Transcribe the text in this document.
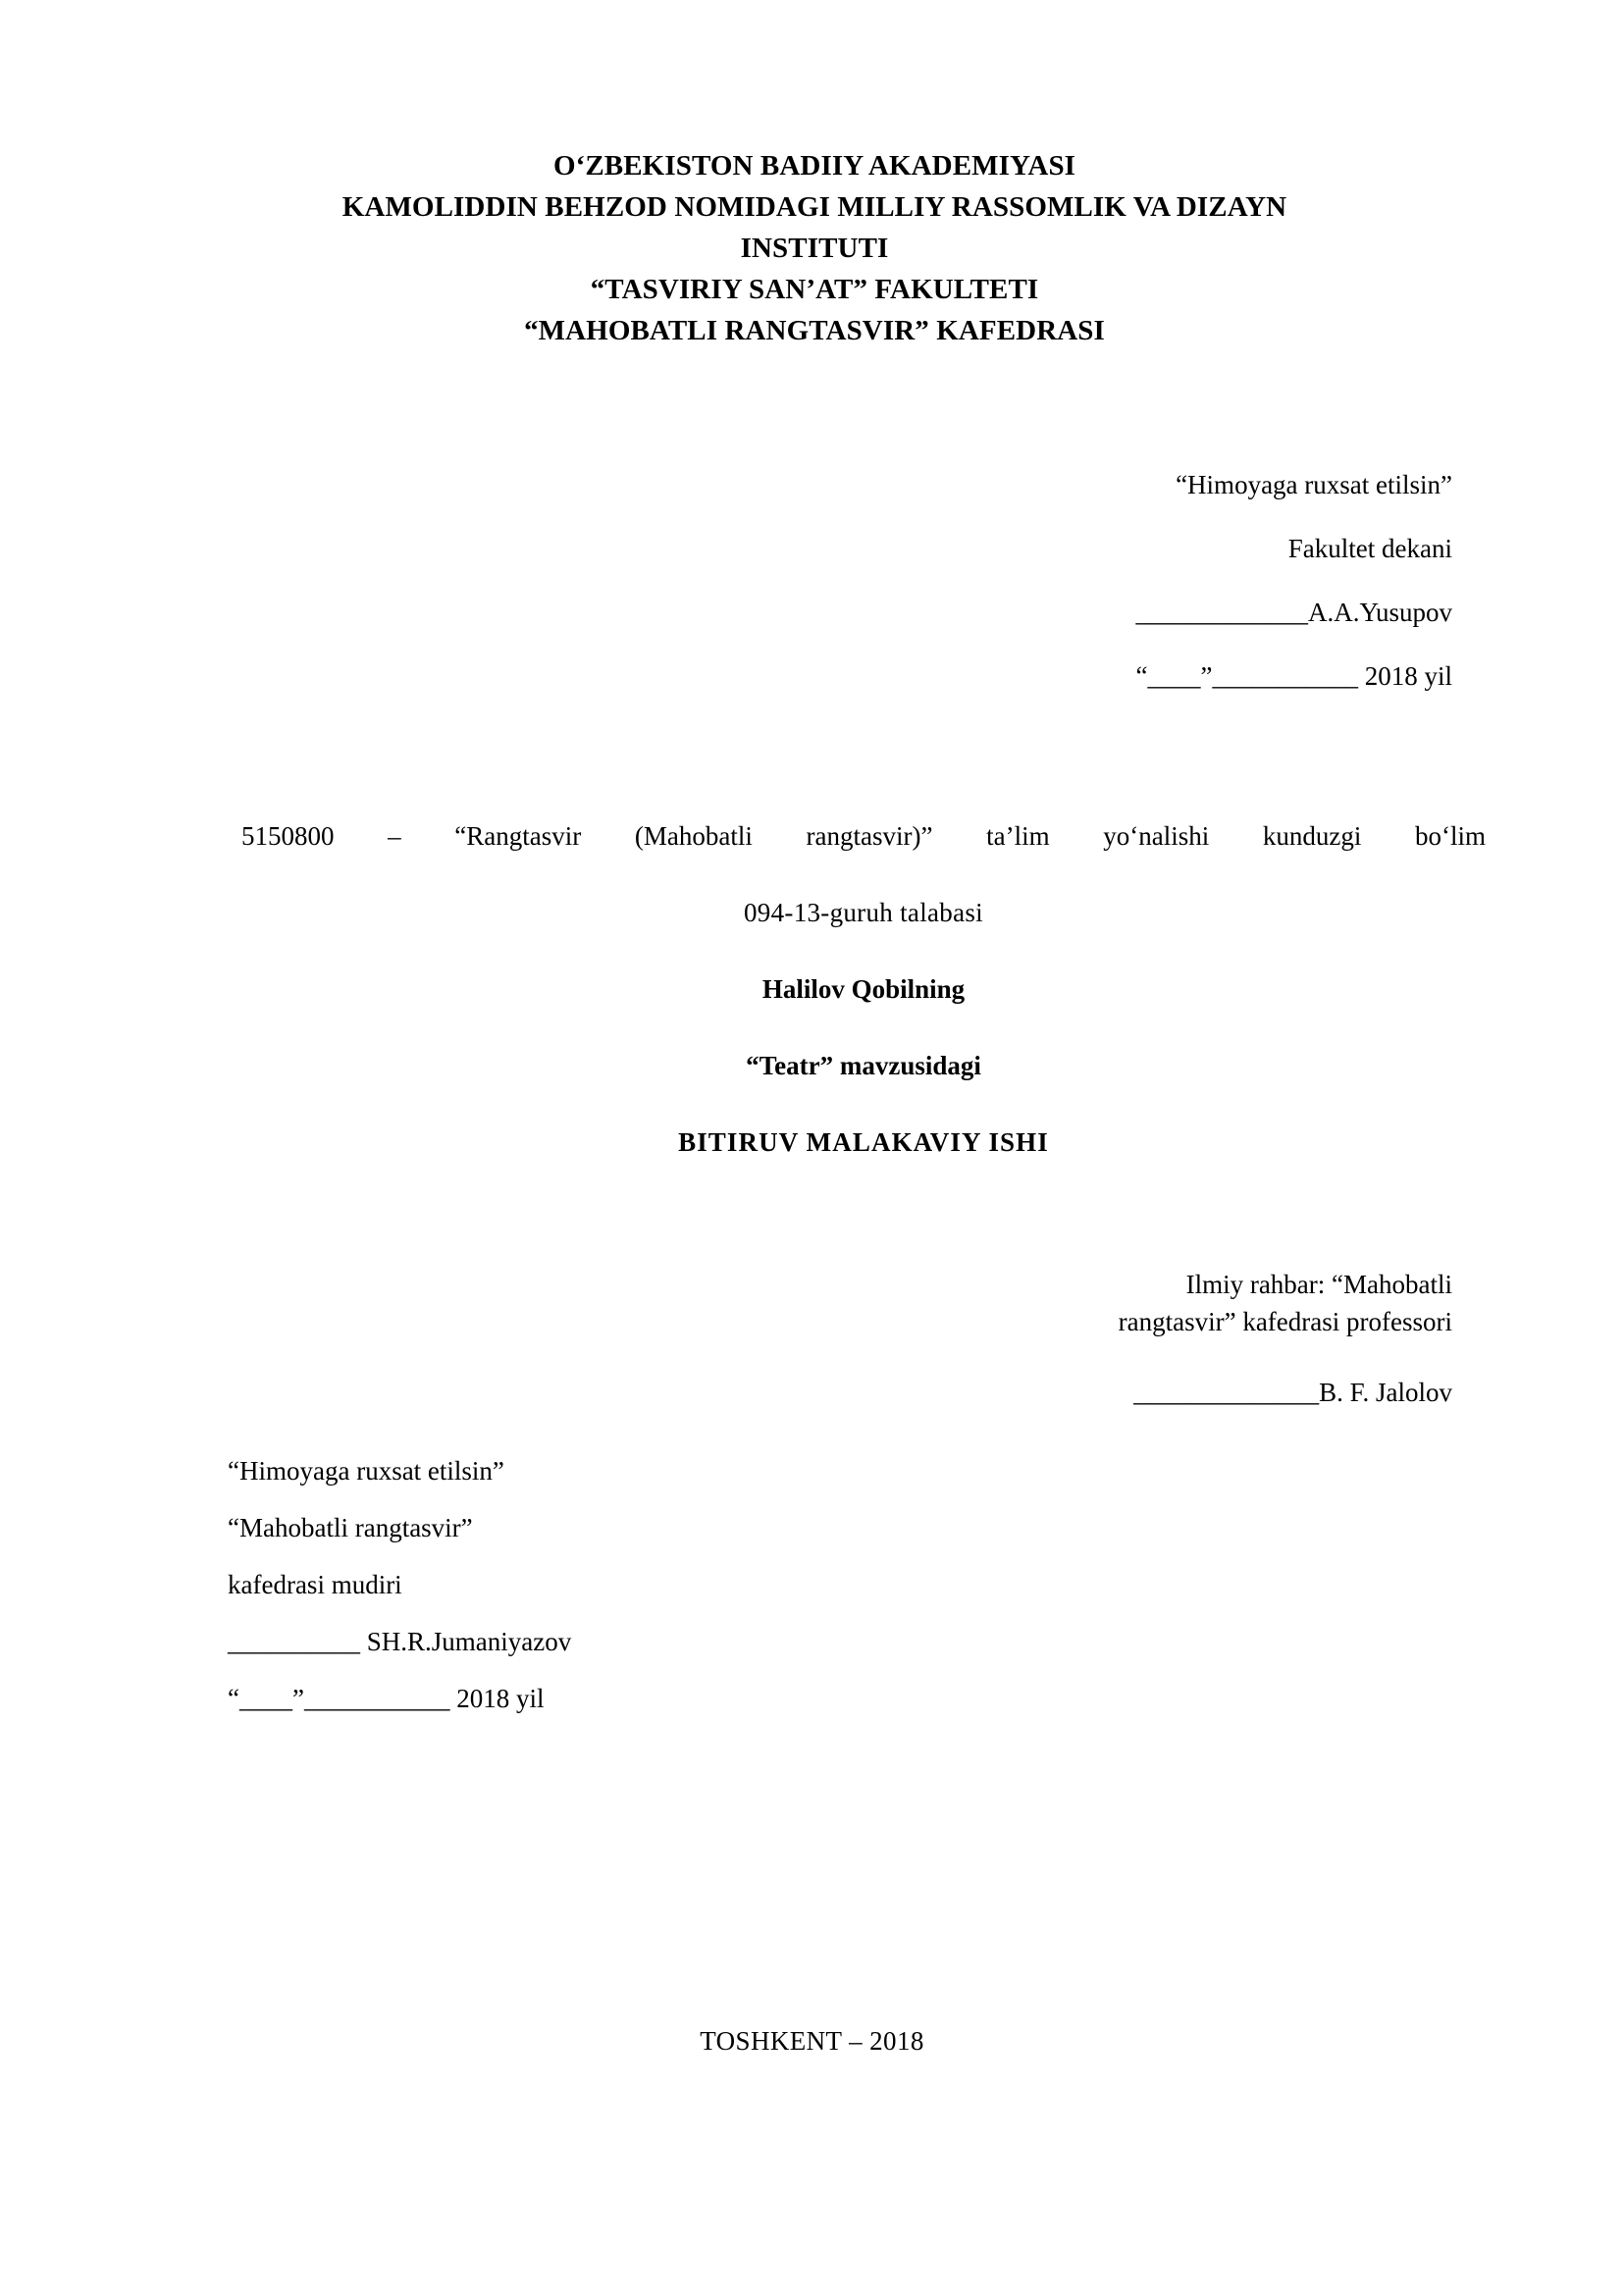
O‘ZBEKISTON BADIIY AKADEMIYASI
KAMOLIDDIN BEHZOD NOMIDAGI MILLIY RASSOMLIK VA DIZAYN
INSTITUTI
“TASVIRIY SAN’AT” FAKULTETI
“MAHOBATLI RANGTASVIR” KAFEDRASI
“Himoyaga ruxsat etilsin”
Fakultet dekani
_____________A.A.Yusupov
“____”___________ 2018 yil
5150800 – “Rangtasvir (Mahobatli rangtasvir)” ta’lim yo‘nalishi kunduzgi bo‘lim
094-13-guruh talabasi
Halilov Qobilning
“Teatr” mavzusidagi
BITIRUV MALAKAVIY ISHI
Ilmiy rahbar: “Mahobatli
rangtasvir” kafedrasi professori
______________B. F. Jalolov
“Himoyaga ruxsat etilsin”
“Mahobatli rangtasvir”
kafedrasi mudiri
__________ SH.R.Jumaniyazov
“____”___________ 2018 yil
TOSHKENT – 2018
